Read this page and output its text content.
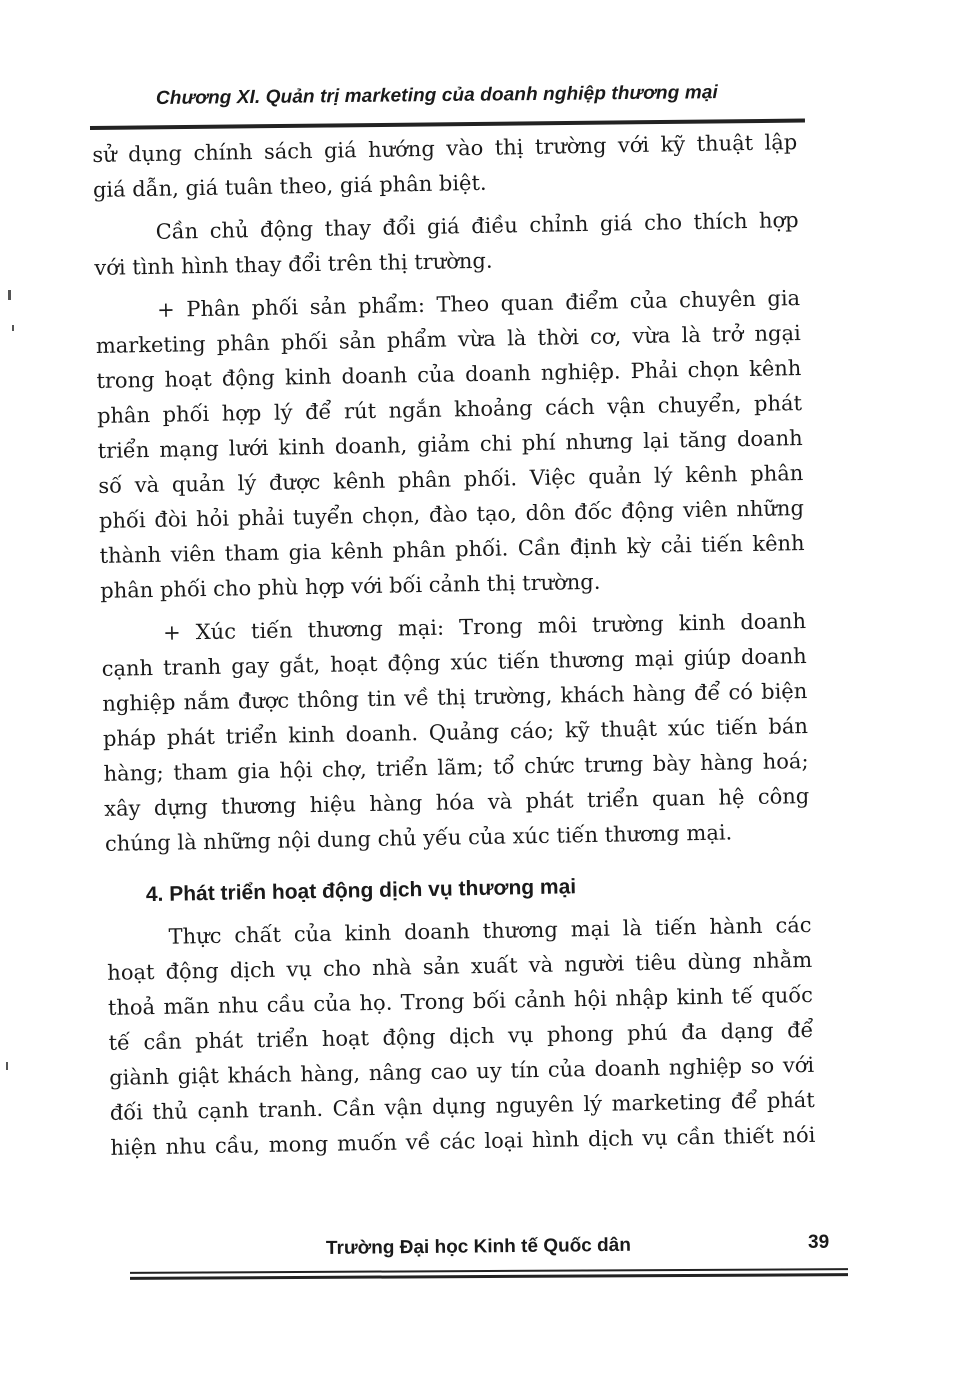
Chương XI. Quản trị marketing của doanh nghiệp thương mại
sử dụng chính sách giá hướng vào thị trường với kỹ thuật lập
giá dẫn, giá tuân theo, giá phân biệt.
Cần chủ động thay đổi giá điều chỉnh giá cho thích hợp
với tình hình thay đổi trên thị trường.
+ Phân phối sản phẩm: Theo quan điểm của chuyên gia
marketing phân phối sản phẩm vừa là thời cơ, vừa là trở ngại
trong hoạt động kinh doanh của doanh nghiệp. Phải chọn kênh
phân phối hợp lý để rút ngắn khoảng cách vận chuyển, phát
triển mạng lưới kinh doanh, giảm chi phí nhưng lại tăng doanh
số và quản lý được kênh phân phối. Việc quản lý kênh phân
phối đòi hỏi phải tuyển chọn, đào tạo, dôn đốc động viên những
thành viên tham gia kênh phân phối. Cần định kỳ cải tiến kênh
phân phối cho phù hợp với bối cảnh thị trường.
+ Xúc tiến thương mại: Trong môi trường kinh doanh
cạnh tranh gay gắt, hoạt động xúc tiến thương mại giúp doanh
nghiệp nắm được thông tin về thị trường, khách hàng để có biện
pháp phát triển kinh doanh. Quảng cáo; kỹ thuật xúc tiến bán
hàng; tham gia hội chợ, triển lãm; tổ chức trưng bày hàng hoá;
xây dựng thương hiệu hàng hóa và phát triển quan hệ công
chúng là những nội dung chủ yếu của xúc tiến thương mại.
4. Phát triển hoạt động dịch vụ thương mại
Thực chất của kinh doanh thương mại là tiến hành các
hoạt động dịch vụ cho nhà sản xuất và người tiêu dùng nhằm
thoả mãn nhu cầu của họ. Trong bối cảnh hội nhập kinh tế quốc
tế cần phát triển hoạt động dịch vụ phong phú đa dạng để
giành giật khách hàng, nâng cao uy tín của doanh nghiệp so với
đối thủ cạnh tranh. Cần vận dụng nguyên lý marketing để phát
hiện nhu cầu, mong muốn về các loại hình dịch vụ cần thiết nói
Trường Đại học Kinh tế Quốc dân	39
